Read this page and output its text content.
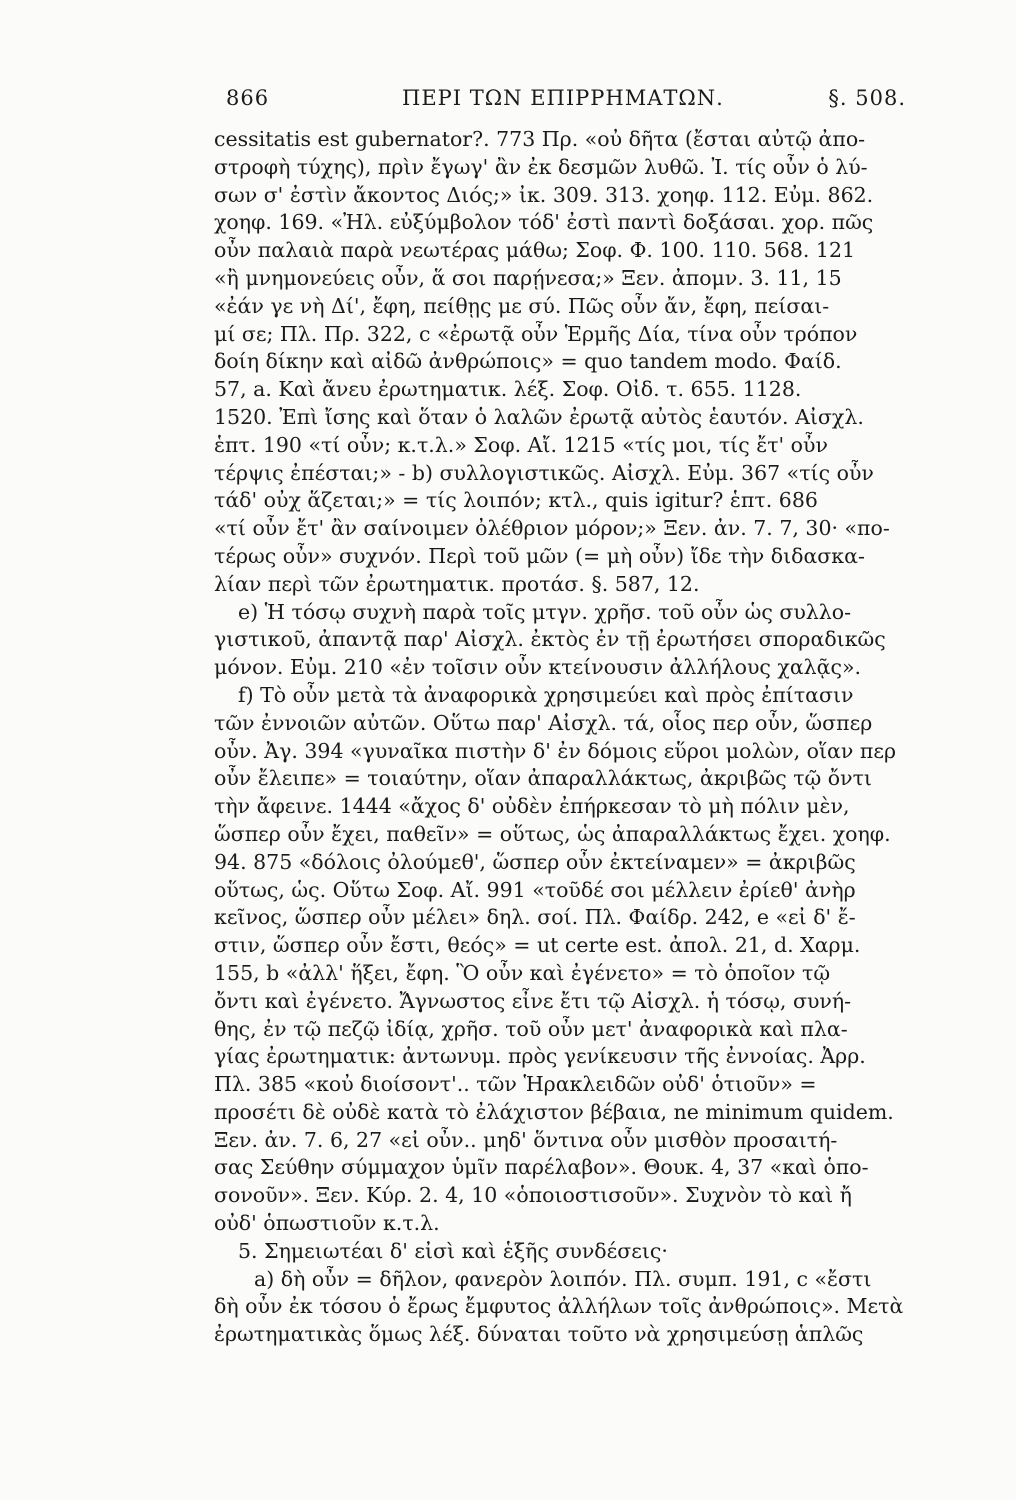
866	ΠΕΡΙ ΤΩΝ ΕΠΙΡΡΗΜΑΤΩΝ.	§. 508.
cessitatis est gubernator?. 773 Πρ. «οὐ δῆτα (ἔσται αὐτῷ ἀπο-
στροφὴ τύχης), πρὶν ἔγωγ' ἂν ἐκ δεσμῶν λυθῶ. Ἰ. τίς οὖν ὁ λύ-
σων σ' ἐστὶν ἄκοντος Διός;» ἰκ. 309. 313. χοηφ. 112. Εὐμ. 862.
χοηφ. 169. «Ἠλ. εὐξύμβολον τόδ' ἐστὶ παντὶ δοξάσαι. χορ. πῶς
οὖν παλαιὰ παρὰ νεωτέρας μάθω; Σοφ. Φ. 100. 110. 568. 121
«ἢ μνημονεύεις οὖν, ἅ σοι παρῄνεσα;» Ξεν. ἀπομν. 3. 11, 15
«ἐάν γε νὴ Δί', ἔφη, πείθῃς με σύ. Πῶς οὖν ἄν, ἔφη, πείσαι-
μί σε; Πλ. Πρ. 322, c «ἐρωτᾷ οὖν Ἑρμῆς Δία, τίνα οὖν τρόπον
δοίη δίκην καὶ αἰδῶ ἀνθρώποις» = quo tandem modo. Φαίδ.
57, a. Καὶ ἄνευ ἐρωτηματικ. λέξ. Σοφ. Οἰδ. τ. 655. 1128.
1520. Ἐπὶ ἴσης καὶ ὅταν ὁ λαλῶν ἐρωτᾷ αὐτὸς ἑαυτόν. Αἰσχλ.
ἑπτ. 190 «τί οὖν; κ.τ.λ.» Σοφ. Αἴ. 1215 «τίς μοι, τίς ἔτ' οὖν
τέρψις ἐπέσται;» - b) συλλογιστικῶς. Αἰσχλ. Εὐμ. 367 «τίς οὖν
τάδ' οὐχ ἅζεται;» = τίς λοιπόν; κτλ., quis igitur? ἑπτ. 686
«τί οὖν ἔτ' ἂν σαίνοιμεν ὀλέθριον μόρον;» Ξεν. ἀν. 7. 7, 30· «πο-
τέρως οὖν» συχνόν. Περὶ τοῦ μῶν (= μὴ οὖν) ἴδε τὴν διδασκα-
λίαν περὶ τῶν ἐρωτηματικ. προτάσ. §. 587, 12.
e) Ἡ τόσῳ συχνὴ παρὰ τοῖς μτγν. χρῆσ. τοῦ οὖν ὡς συλλο-
γιστικοῦ, ἀπαντᾷ παρ' Αἰσχλ. ἐκτὸς ἐν τῇ ἐρωτήσει σποραδικῶς
μόνον. Εὐμ. 210 «ἐν τοῖσιν οὖν κτείνουσιν ἀλλήλους χαλᾷς».
f) Τὸ οὖν μετὰ τὰ ἀναφορικὰ χρησιμεύει καὶ πρὸς ἐπίτασιν
τῶν ἐννοιῶν αὐτῶν. Οὕτω παρ' Αἰσχλ. τά, οἷος περ οὖν, ὥσπερ
οὖν. Ἀγ. 394 «γυναῖκα πιστὴν δ' ἐν δόμοις εὕροι μολὼν, οἵαν περ
οὖν ἔλειπε» = τοιαύτην, οἵαν ἀπαραλλάκτως, ἀκριβῶς τῷ ὄντι
τὴν ἄφεινε. 1444 «ἄχος δ' οὐδὲν ἐπήρκεσαν τὸ μὴ πόλιν μὲν,
ὥσπερ οὖν ἔχει, παθεῖν» = οὕτως, ὡς ἀπαραλλάκτως ἔχει. χοηφ.
94. 875 «δόλοις ὀλούμεθ', ὥσπερ οὖν ἐκτείναμεν» = ἀκριβῶς
οὕτως, ὡς. Οὕτω Σοφ. Αἴ. 991 «τοῦδέ σοι μέλλειν ἐρίεθ' ἀνὴρ
κεῖνος, ὥσπερ οὖν μέλει» δηλ. σοί. Πλ. Φαίδρ. 242, e «εἰ δ' ἔ-
στιν, ὥσπερ οὖν ἔστι, θεός» = ut certe est. ἀπολ. 21, d. Χαρμ.
155, b «ἀλλ' ἥξει, ἔφη. Ὃ οὖν καὶ ἐγένετο» = τὸ ὁποῖον τῷ
ὄντι καὶ ἐγένετο. Ἄγνωστος εἶνε ἔτι τῷ Αἰσχλ. ἡ τόσῳ, συνή-
θης, ἐν τῷ πεζῷ ἰδίᾳ, χρῆσ. τοῦ οὖν μετ' ἀναφορικὰ καὶ πλα-
γίας ἐρωτηματικ: ἀντωνυμ. πρὸς γενίκευσιν τῆς ἐννοίας. Ἀρρ.
Πλ. 385 «κοὐ διοίσοντ'.. τῶν Ἡρακλειδῶν οὐδ' ὁτιοῦν» =
προσέτι δὲ οὐδὲ κατὰ τὸ ἐλάχιστον βέβαια, ne minimum quidem.
Ξεν. ἀν. 7. 6, 27 «εἰ οὖν.. μηδ' ὅντινα οὖν μισθὸν προσαιτή-
σας Σεύθην σύμμαχον ὑμῖν παρέλαβον». Θουκ. 4, 37 «καὶ ὁπο-
σονοῦν». Ξεν. Κύρ. 2. 4, 10 «ὁποιοστισοῦν». Συχνὸν τὸ καὶ ἤ
οὐδ' ὁπωστιοῦν κ.τ.λ.
5. Σημειωτέαι δ' εἰσὶ καὶ ἑξῆς συνδέσεις·
a) δὴ οὖν = δῆλον, φανερὸν λοιπόν. Πλ. συμπ. 191, c «ἔστι
δὴ οὖν ἐκ τόσου ὁ ἔρως ἔμφυτος ἀλλήλων τοῖς ἀνθρώποις». Μετὰ
ἐρωτηματικὰς ὅμως λέξ. δύναται τοῦτο νὰ χρησιμεύσῃ ἁπλῶς
